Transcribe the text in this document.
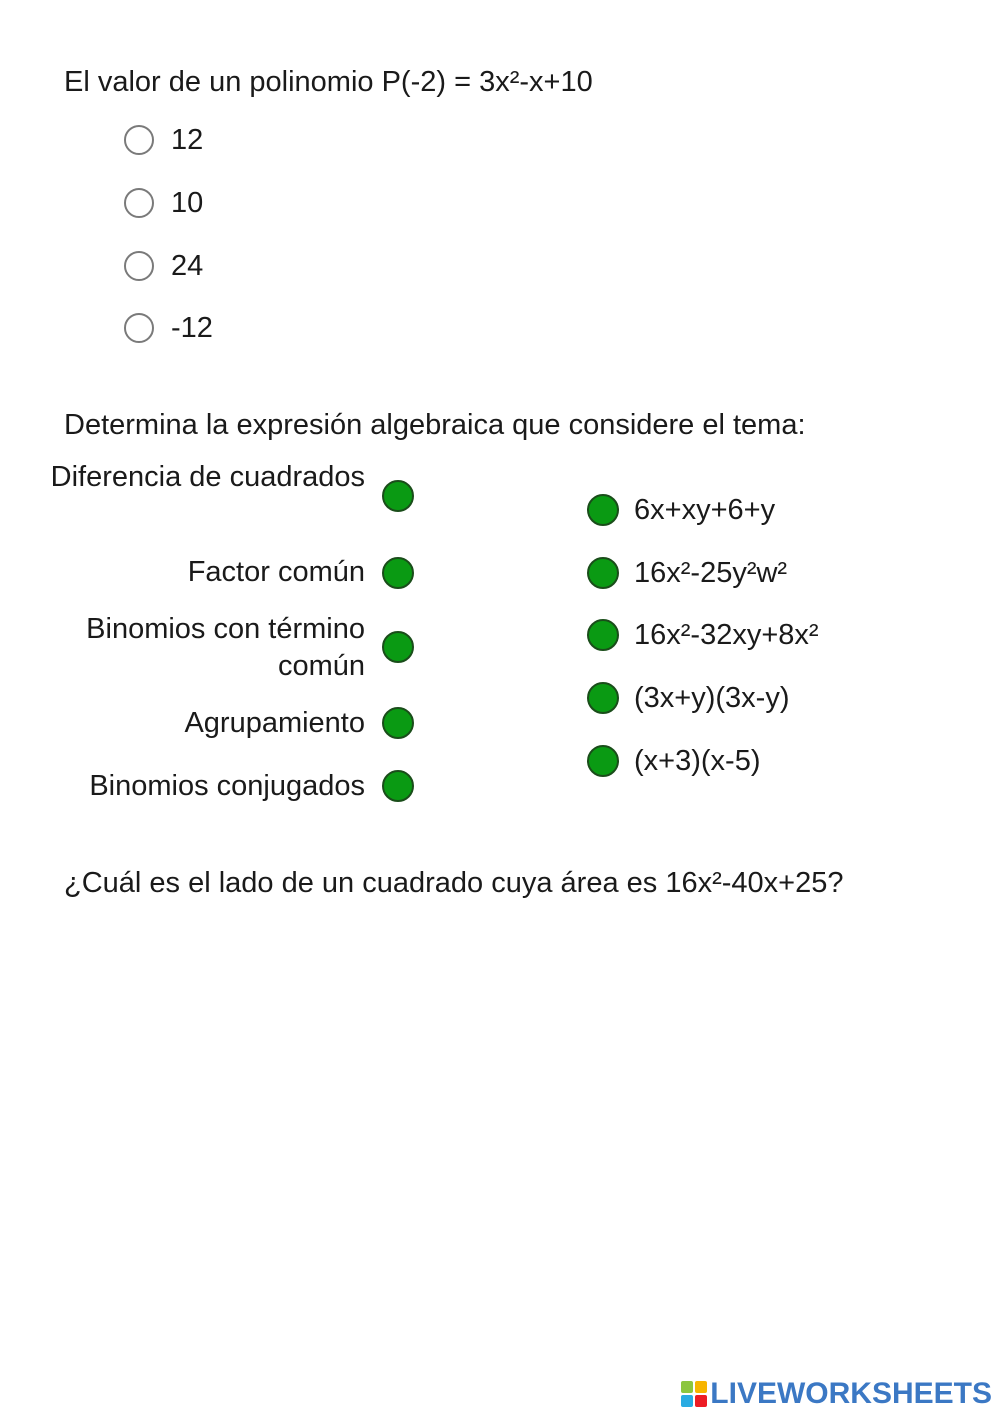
El valor de un polinomio P(-2) = 3x²-x+10
12
10
24
-12
Determina la expresión algebraica que considere el tema:
Diferencia de cuadrados
Factor común
Binomios con término común
Agrupamiento
Binomios conjugados
6x+xy+6+y
16x²-25y²w²
16x²-32xy+8x²
(3x+y)(3x-y)
(x+3)(x-5)
¿Cuál es el lado de un cuadrado cuya área es 16x²-40x+25?
LIVEWORKSHEETS
